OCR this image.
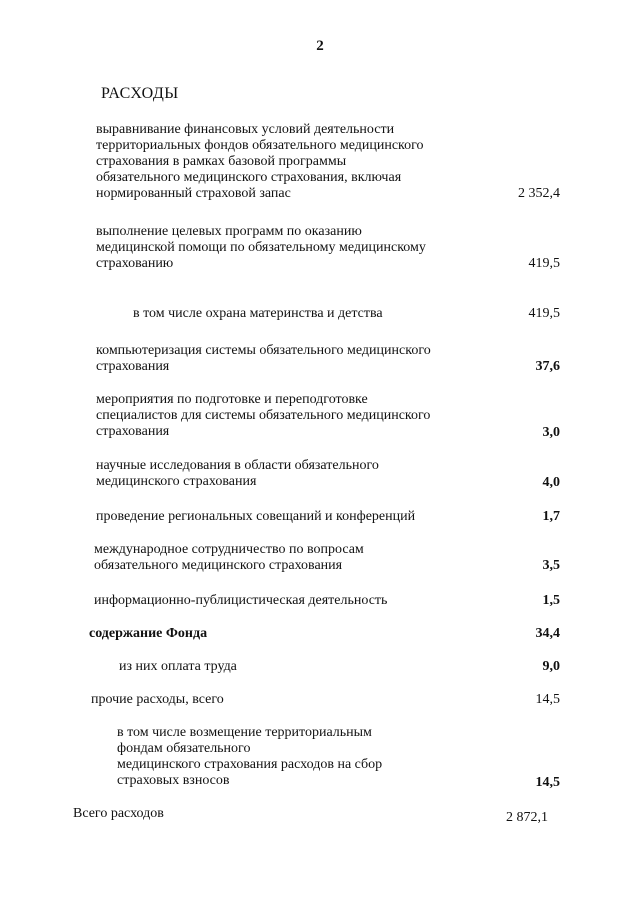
2
РАСХОДЫ
выравнивание финансовых условий деятельности
территориальных фондов обязательного медицинского
страхования в рамках базовой программы
обязательного медицинского страхования, включая
нормированный страховой запас	2 352,4
выполнение целевых программ по оказанию
медицинской помощи по обязательному медицинскому
страхованию	419,5
в том числе охрана материнства и детства	419,5
компьютеризация системы обязательного медицинского
страхования	37,6
мероприятия по подготовке и переподготовке
специалистов для системы обязательного медицинского
страхования	3,0
научные исследования в области обязательного
медицинского страхования	4,0
проведение региональных совещаний и конференций	1,7
международное сотрудничество по вопросам
обязательного медицинского страхования	3,5
информационно-публицистическая деятельность	1,5
содержание Фонда	34,4
из них оплата труда	9,0
прочие расходы, всего	14,5
в том числе возмещение территориальным
фондам обязательного
медицинского страхования расходов на сбор
страховых взносов	14,5
Всего расходов	2 872,1
